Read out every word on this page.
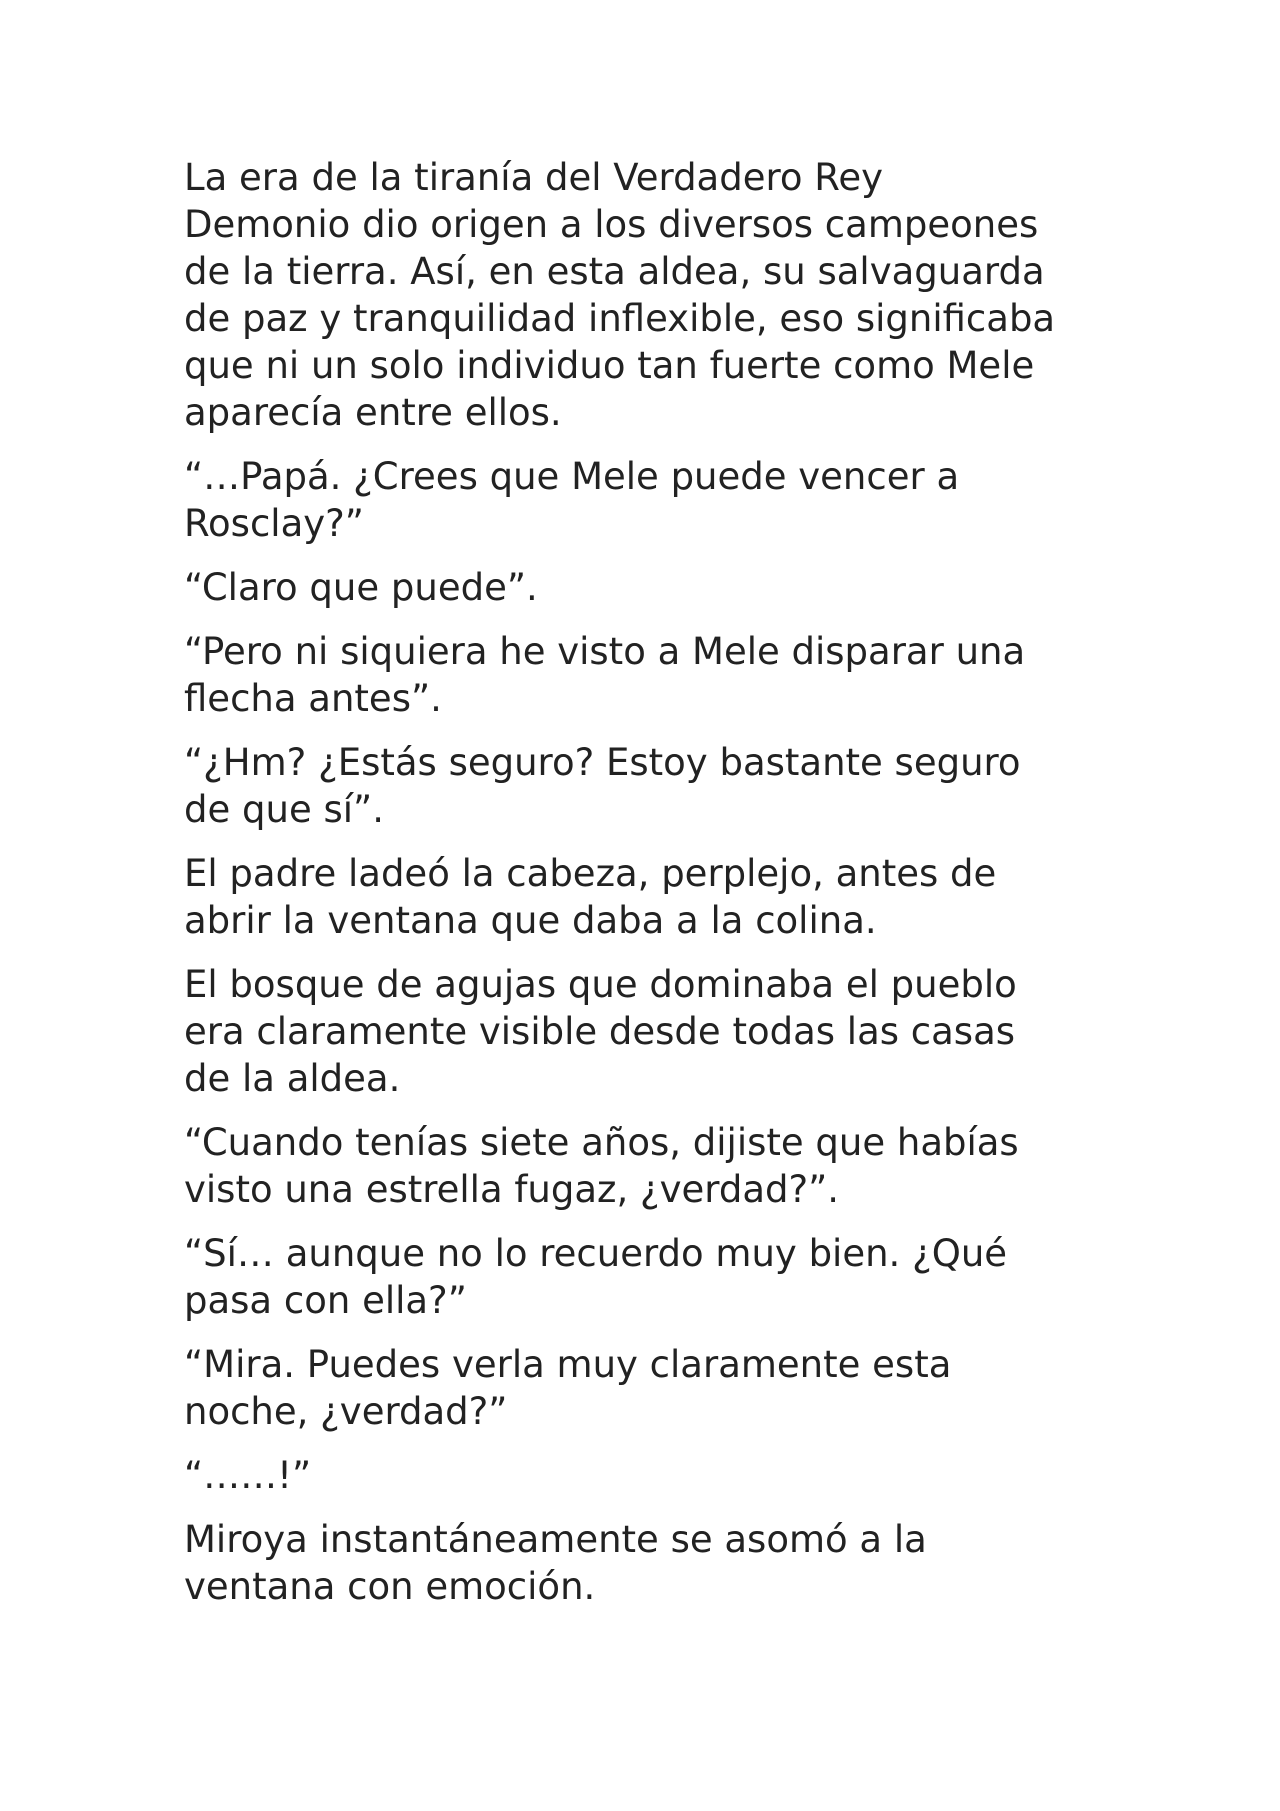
La era de la tiranía del Verdadero Rey
Demonio dio origen a los diversos campeones
de la tierra. Así, en esta aldea, su salvaguarda
de paz y tranquilidad inflexible, eso significaba
que ni un solo individuo tan fuerte como Mele
aparecía entre ellos.

“…Papá. ¿Crees que Mele puede vencer a
Rosclay?”

“Claro que puede”.

“Pero ni siquiera he visto a Mele disparar una
flecha antes”.

“¿Hm? ¿Estás seguro? Estoy bastante seguro
de que sí”.

El padre ladeó la cabeza, perplejo, antes de
abrir la ventana que daba a la colina.

El bosque de agujas que dominaba el pueblo
era claramente visible desde todas las casas
de la aldea.

“Cuando tenías siete años, dijiste que habías
visto una estrella fugaz, ¿verdad?”.

“Sí… aunque no lo recuerdo muy bien. ¿Qué
pasa con ella?”

“Mira. Puedes verla muy claramente esta
noche, ¿verdad?”

“……!”

Miroya instantáneamente se asomó a la
ventana con emoción.
